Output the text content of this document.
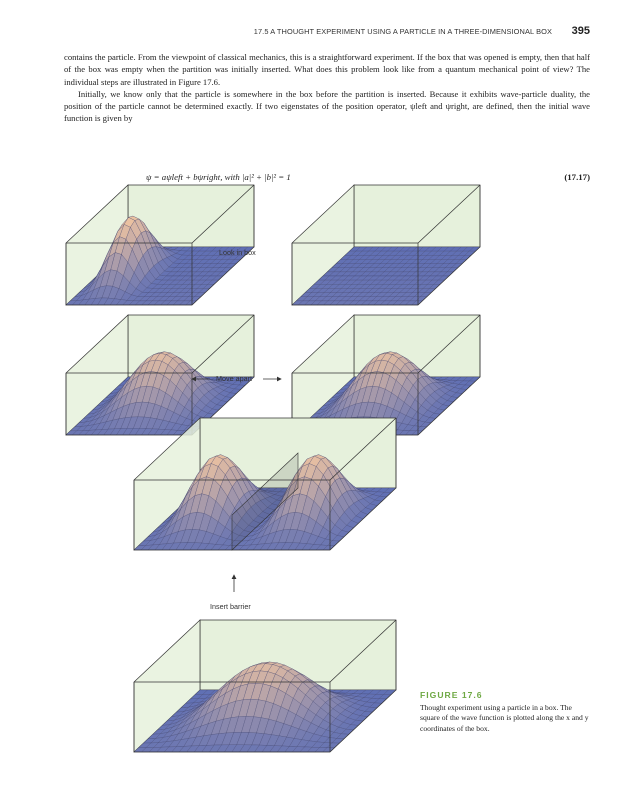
17.5 A THOUGHT EXPERIMENT USING A PARTICLE IN A THREE-DIMENSIONAL BOX 395

contains the particle. From the viewpoint of classical mechanics, this is a straightforward experiment. If the box that was opened is empty, then that half of the box was empty when the partition was initially inserted. What does this problem look like from a quantum mechanical point of view? The individual steps are illustrated in Figure 17.6.

Initially, we know only that the particle is somewhere in the box before the partition is inserted. Because it exhibits wave-particle duality, the position of the particle cannot be determined exactly. If two eigenstates of the position operator, ψleft and ψright, are defined, then the initial wave function is given by

ψ = aψleft + bψright, with |a|² + |b|² = 1	(17.17)
Look in box
Move apart
Insert barrier
FIGURE 17.6
Thought experiment using a particle in a box. The square of the wave function is plotted along the x and y coordinates of the box.
